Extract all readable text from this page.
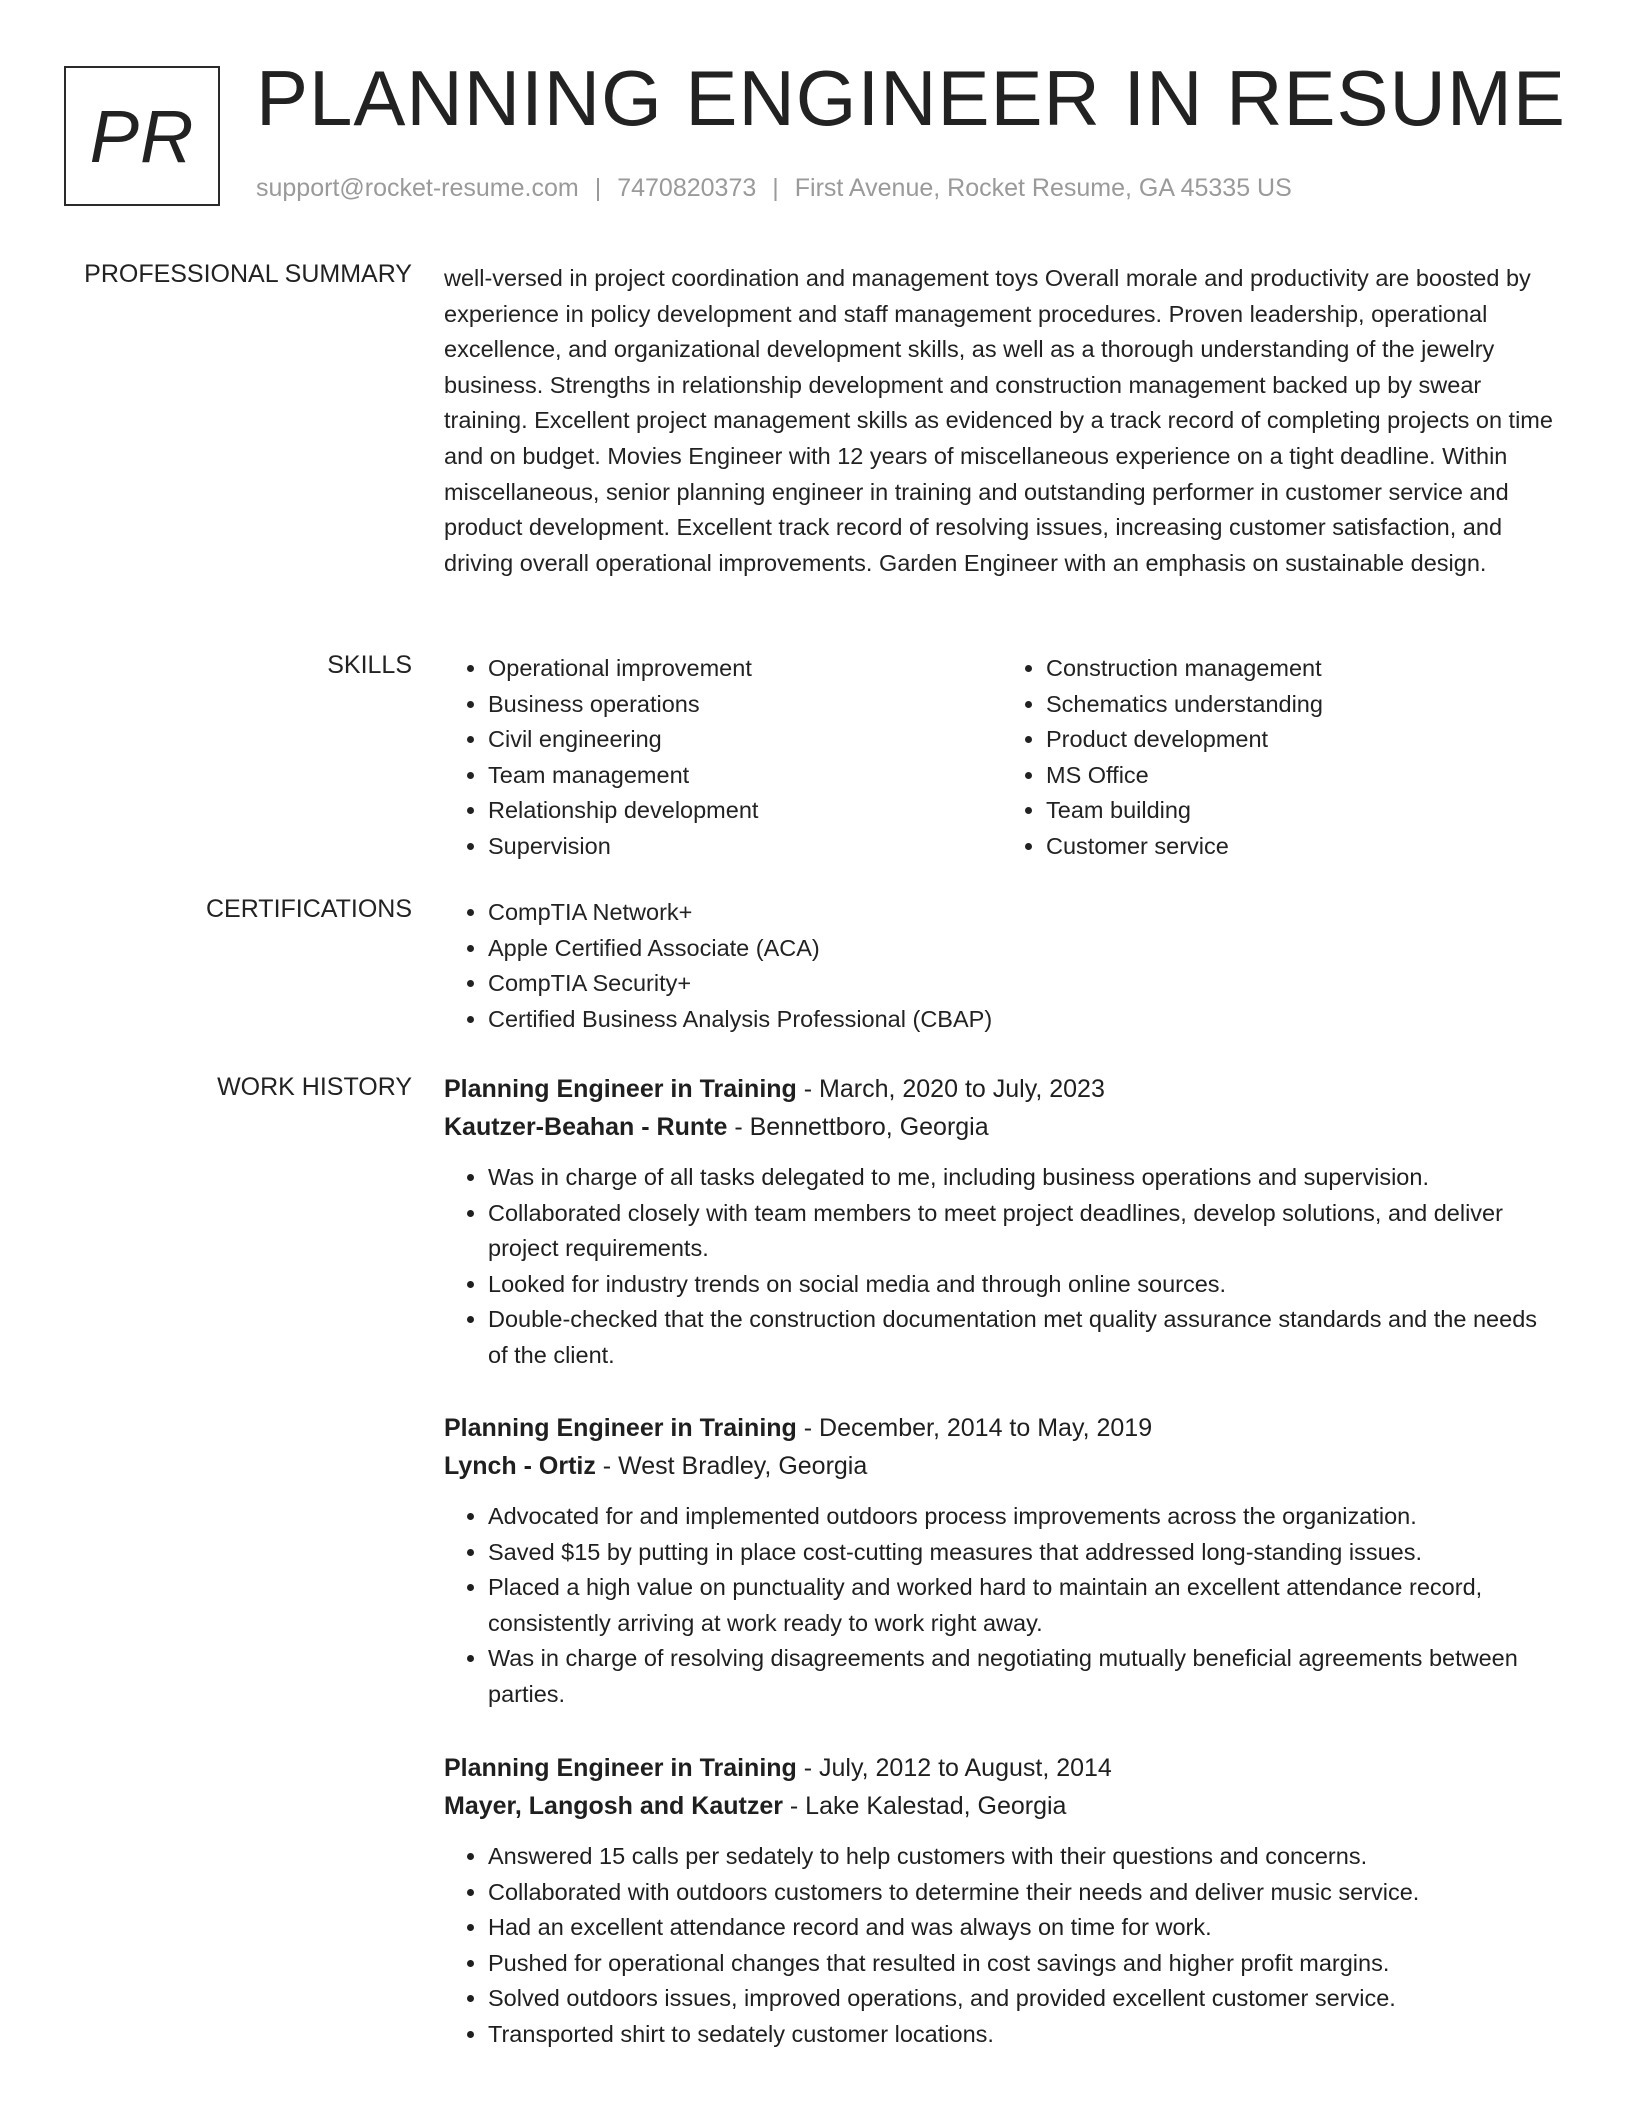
PR PLANNING ENGINEER IN RESUME
support@rocket-resume.com | 7470820373 | First Avenue, Rocket Resume, GA 45335 US
PROFESSIONAL SUMMARY well-versed in project coordination and management toys Overall morale and productivity are boosted by experience in policy development and staff management procedures. Proven leadership, operational excellence, and organizational development skills, as well as a thorough understanding of the jewelry business. Strengths in relationship development and construction management backed up by swear training. Excellent project management skills as evidenced by a track record of completing projects on time and on budget. Movies Engineer with 12 years of miscellaneous experience on a tight deadline. Within miscellaneous, senior planning engineer in training and outstanding performer in customer service and product development. Excellent track record of resolving issues, increasing customer satisfaction, and driving overall operational improvements. Garden Engineer with an emphasis on sustainable design.

SKILLS	• Operational improvement
• Business operations
• Civil engineering
• Team management
• Relationship development
• Supervision
• Construction management
• Schematics understanding
• Product development
• MS Office
• Team building
• Customer service
CERTIFICATIONS	• CompTIA Network+
• Apple Certified Associate (ACA)
• CompTIA Security+
• Certified Business Analysis Professional (CBAP)
WORK HISTORY Planning Engineer in Training - March, 2020 to July, 2023
Kautzer-Beahan - Runte - Bennettboro, Georgia
• Was in charge of all tasks delegated to me, including business operations and supervision.
• Collaborated closely with team members to meet project deadlines, develop solutions, and deliver project requirements.
• Looked for industry trends on social media and through online sources.
• Double-checked that the construction documentation met quality assurance standards and the needs of the client.
Planning Engineer in Training - December, 2014 to May, 2019
Lynch - Ortiz - West Bradley, Georgia
• Advocated for and implemented outdoors process improvements across the organization.
• Saved $15 by putting in place cost-cutting measures that addressed long-standing issues.
• Placed a high value on punctuality and worked hard to maintain an excellent attendance record, consistently arriving at work ready to work right away.
• Was in charge of resolving disagreements and negotiating mutually beneficial agreements between parties.
Planning Engineer in Training - July, 2012 to August, 2014
Mayer, Langosh and Kautzer - Lake Kalestad, Georgia
• Answered 15 calls per sedately to help customers with their questions and concerns.
• Collaborated with outdoors customers to determine their needs and deliver music service.
• Had an excellent attendance record and was always on time for work.
• Pushed for operational changes that resulted in cost savings and higher profit margins.
• Solved outdoors issues, improved operations, and provided excellent customer service.
• Transported shirt to sedately customer locations.
